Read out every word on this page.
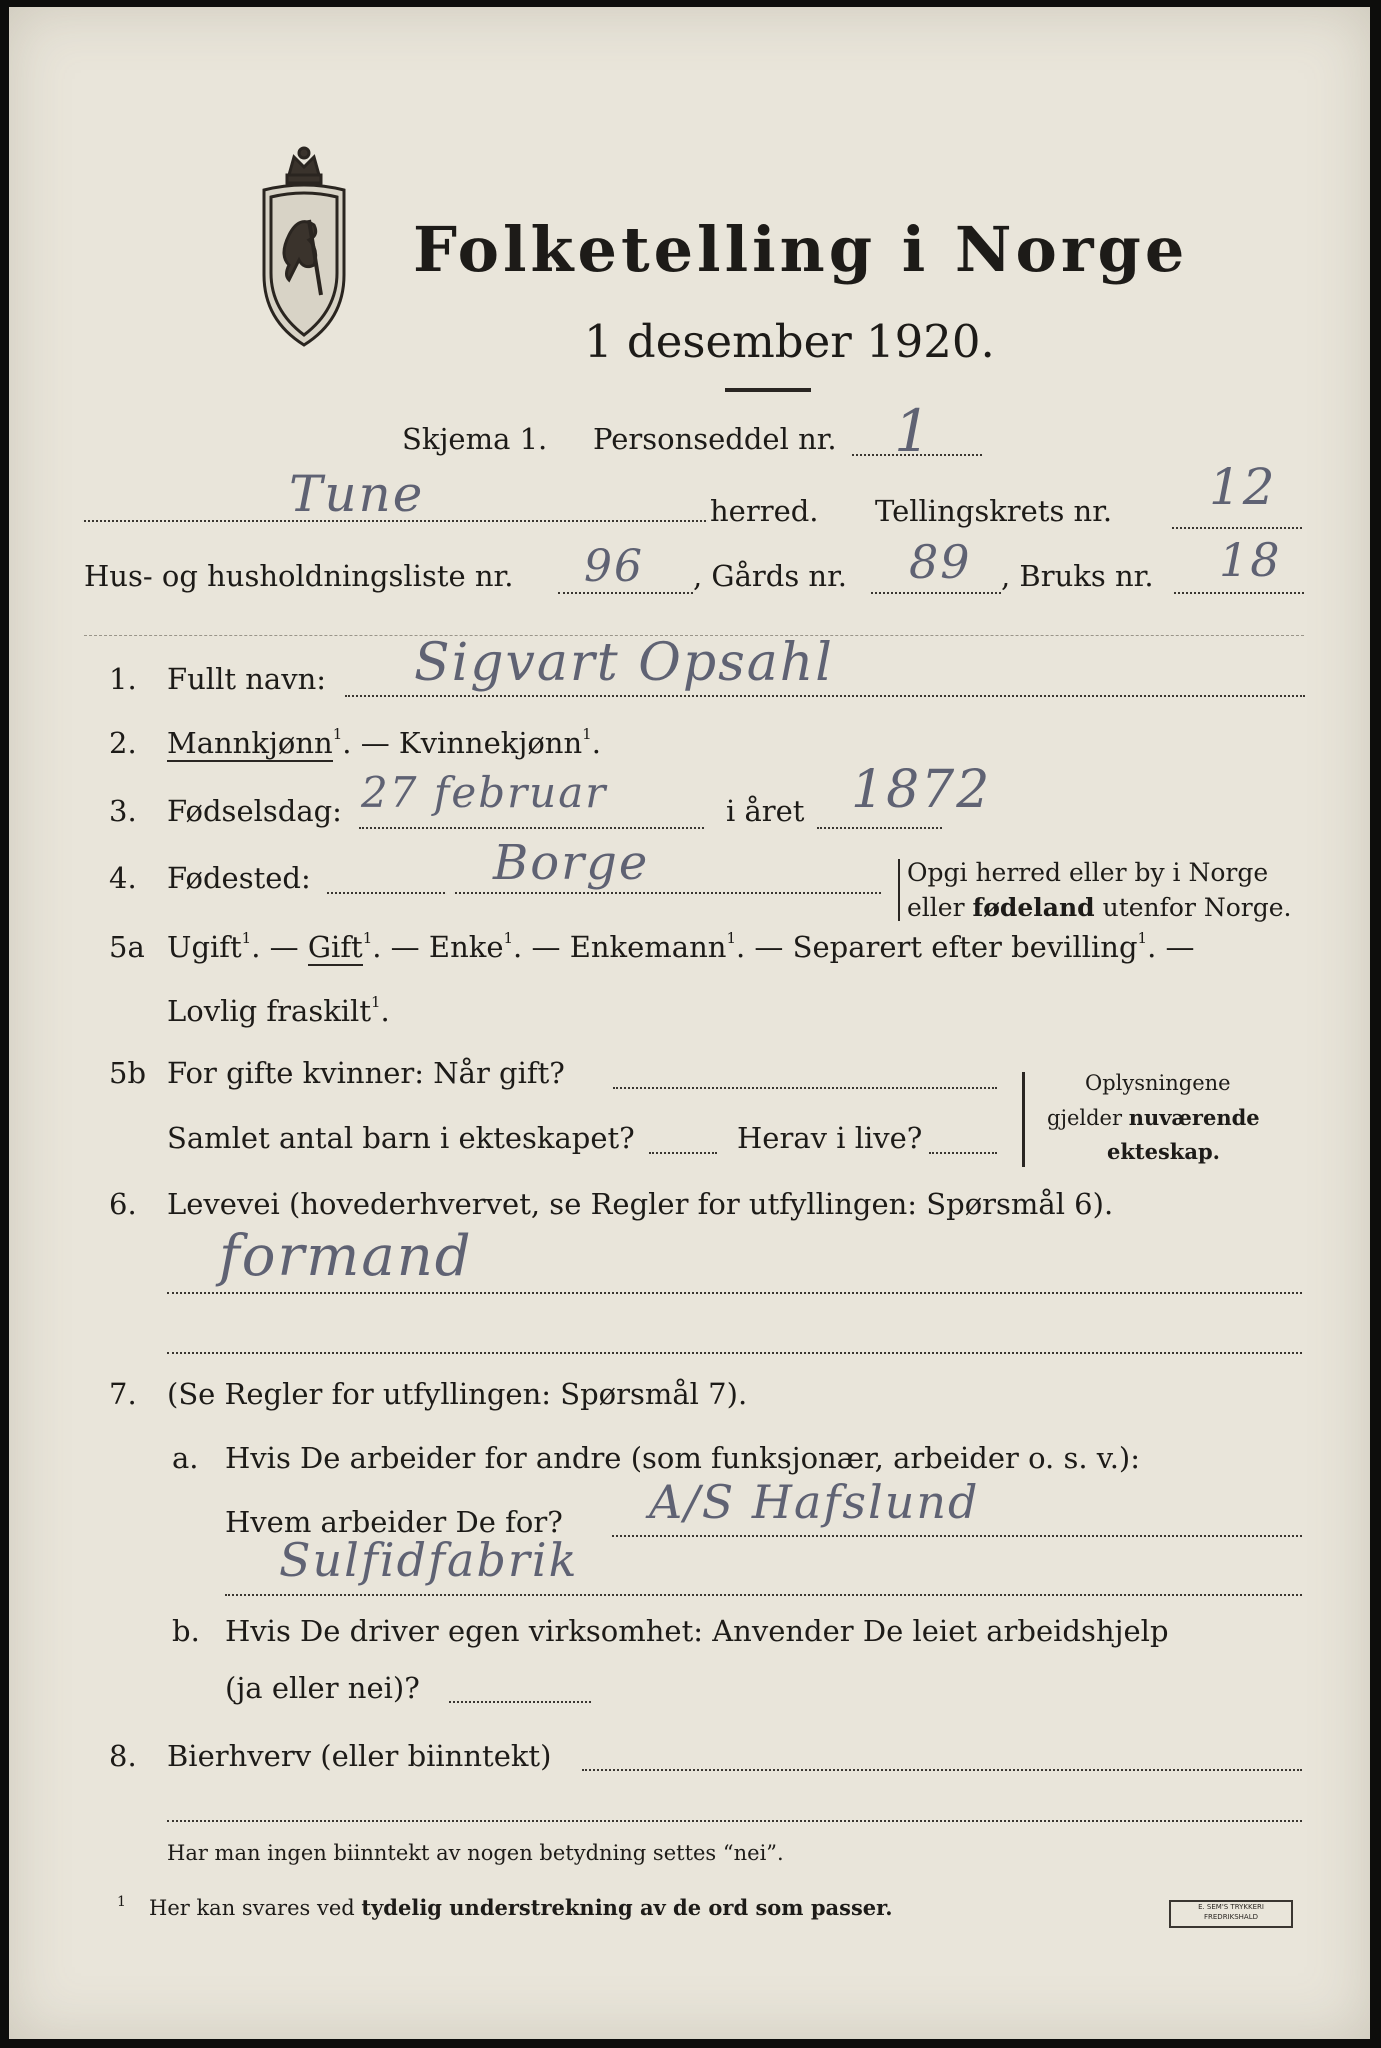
Folketelling i Norge
1 desember 1920.
Skjema 1. Personseddel nr. 1
Tune	herred. Tellingskrets nr. 12
Hus- og husholdningsliste nr. 96 , Gårds nr. 89 , Bruks nr. 18
1. Fullt navn: Sigvart Opsahl
2. Mannkjønn$^1$. — Kvinnekjønn$^1$.
3. Fødselsdag: 27 februar	i året 1872
4. Fødested:	Borge	Opgi herred eller by i Norge
eller fødeland utenfor Norge.
5a Ugift$^1$. — Gift$^1$. — Enke$^1$. — Enkemann$^1$. — Separert efter bevilling$^1$. —
Lovlig fraskilt$^1$.
5b For gifte kvinner: Når gift?
Samlet antal barn i ekteskapet?	Herav i live?
Oplysningene
gjelder nuværende
ekteskap.
6. Levevei (hovederhvervet, se Regler for utfyllingen: Spørsmål 6).
formand
7. (Se Regler for utfyllingen: Spørsmål 7).
a. Hvis De arbeider for andre (som funksjonær, arbeider o. s. v.):
Hvem arbeider De for? A/S Hafslund
Sulfidfabrik
b. Hvis De driver egen virksomhet: Anvender De leiet arbeidshjelp
(ja eller nei)?
8. Bierhverv (eller biinntekt)
Har man ingen biinntekt av nogen betydning settes “nei”.
1 Her kan svares ved tydelig understrekning av de ord som passer.	E. SEM'S TRYKKERI
FREDRIKSHALD
